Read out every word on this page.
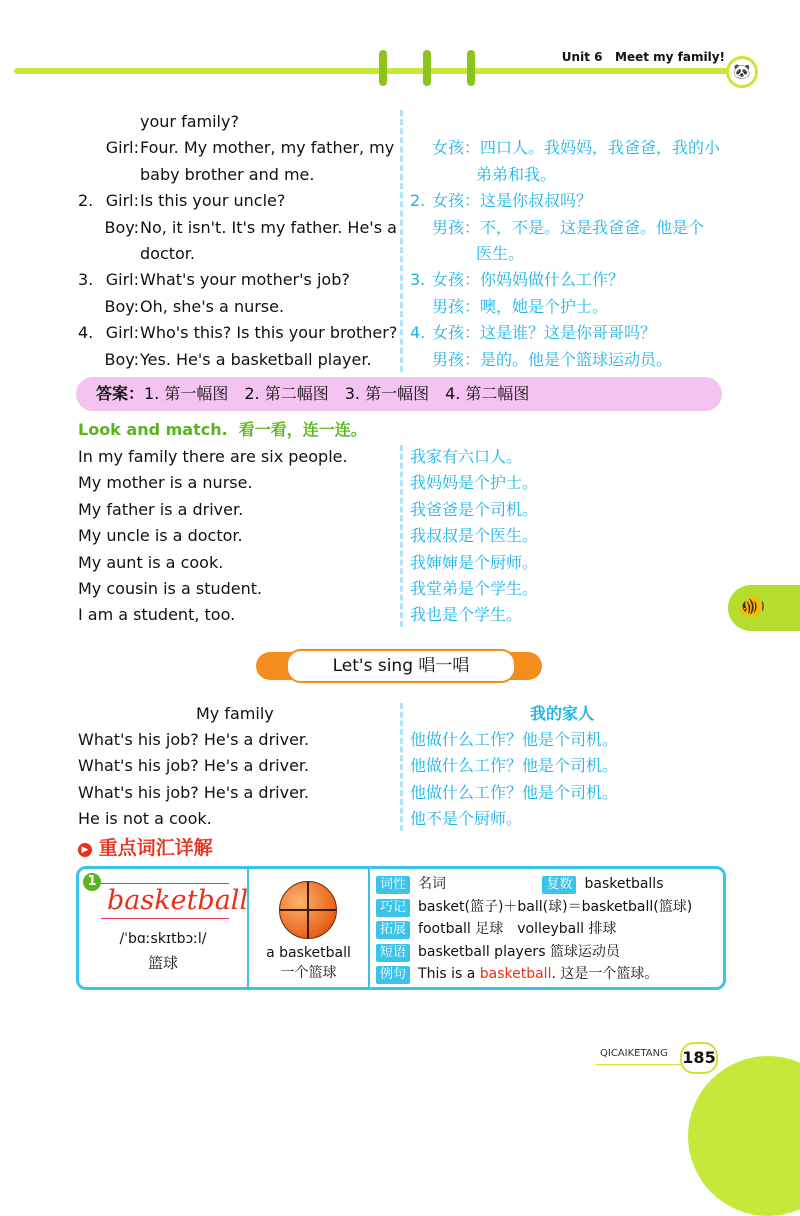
Unit 6 Meet my family!
🐼
your family?
Girl: Four. My mother, my father, my 女孩：四口人。我妈妈，我爸爸，我的小
baby brother and me.	弟弟和我。
2. Girl: Is this your uncle?	2. 女孩：这是你叔叔吗？
Boy: No, it isn't. It's my father. He's a 男孩：不，不是。这是我爸爸。他是个
doctor.	医生。
3. Girl: What's your mother's job?	3. 女孩：你妈妈做什么工作？
Boy: Oh, she's a nurse.	男孩：噢，她是个护士。
4. Girl: Who's this? Is this your brother? 4. 女孩：这是谁？这是你哥哥吗？
Boy: Yes. He's a basketball player.	男孩：是的。他是个篮球运动员。
答案：1. 第一幅图　2. 第二幅图　3. 第一幅图　4. 第二幅图
Look and match. 看一看，连一连。
In my family there are six people.	我家有六口人。
My mother is a nurse.	我妈妈是个护士。
My father is a driver.	我爸爸是个司机。
My uncle is a doctor.	我叔叔是个医生。
My aunt is a cook.	我婶婶是个厨师。
My cousin is a student.	我堂弟是个学生。
I am a student, too.	我也是个学生。	🐠
Let's sing 唱一唱
My family	我的家人
What's his job? He's a driver.	他做什么工作？他是个司机。
What's his job? He's a driver.	他做什么工作？他是个司机。
What's his job? He's a driver.	他做什么工作？他是个司机。
He is not a cook.	他不是个厨师。
▶ 重点词汇详解
1
basketball
/ˈbɑːskɪtbɔːl/
篮球
a basketball
一个篮球
词性 名词	复数 basketballs
巧记 basket(篮子)＋ball(球)＝basketball(篮球)
拓展 football 足球　volleyball 排球
短语 basketball players 篮球运动员
例句 This is a basketball. 这是一个篮球。
QICAIKETANG 185
